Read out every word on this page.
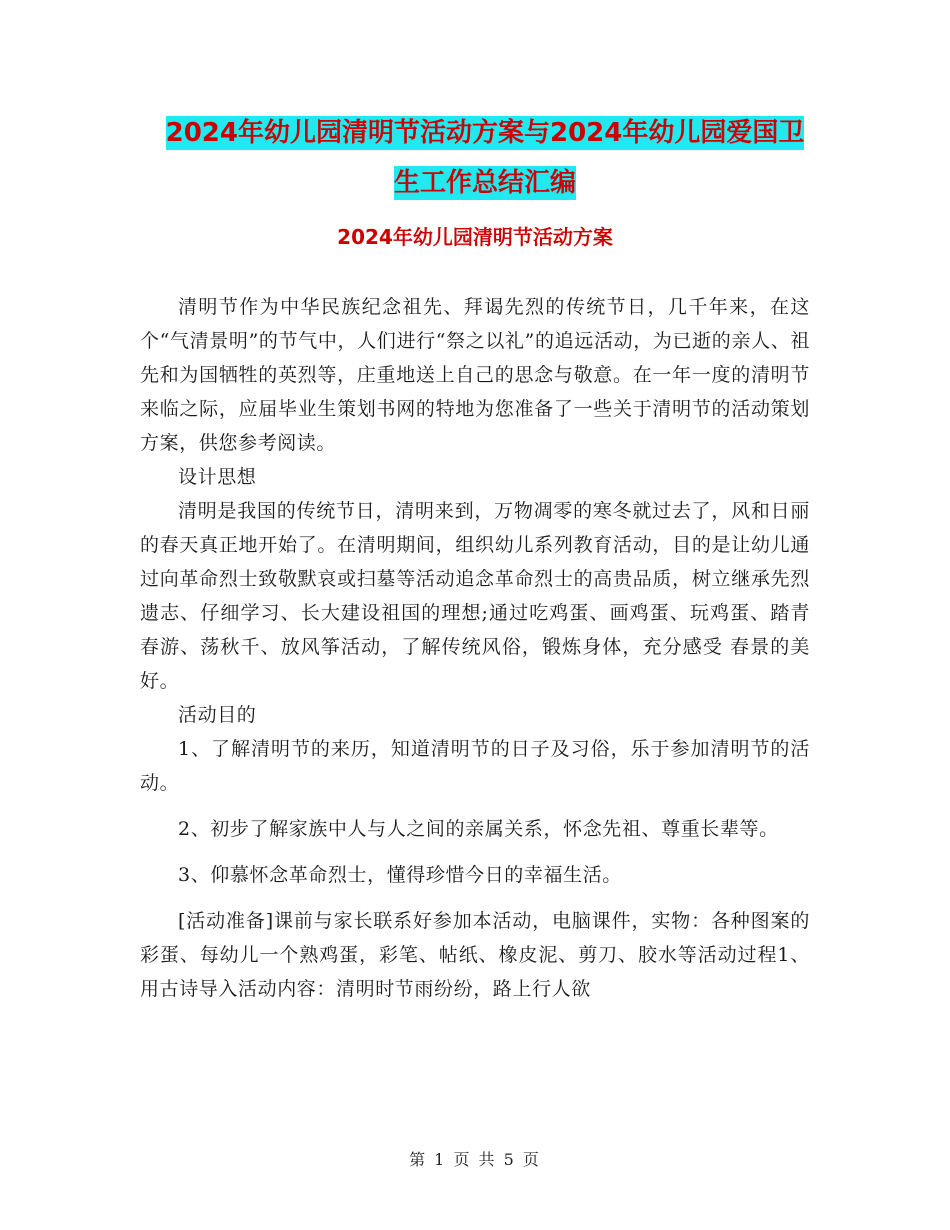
2024年幼儿园清明节活动方案与2024年幼儿园爱国卫
生工作总结汇编
2024年幼儿园清明节活动方案

清明节作为中华民族纪念祖先、拜谒先烈的传统节日，几千年来，在这个“气清景明”的节气中，人们进行“祭之以礼”的追远活动，为已逝的亲人、祖先和为国牺牲的英烈等，庄重地送上自己的思念与敬意。在一年一度的清明节来临之际，应届毕业生策划书网的特地为您准备了一些关于清明节的活动策划方案，供您参考阅读。

设计思想

清明是我国的传统节日，清明来到，万物凋零的寒冬就过去了，风和日丽的春天真正地开始了。在清明期间，组织幼儿系列教育活动，目的是让幼儿通过向革命烈士致敬默哀或扫墓等活动追念革命烈士的高贵品质，树立继承先烈遗志、仔细学习、长大建设祖国的理想;通过吃鸡蛋、画鸡蛋、玩鸡蛋、踏青春游、荡秋千、放风筝活动，了解传统风俗，锻炼身体，充分感受 春景的美好。

活动目的

1、了解清明节的来历，知道清明节的日子及习俗，乐于参加清明节的活动。

2、初步了解家族中人与人之间的亲属关系，怀念先祖、尊重长辈等。

3、仰慕怀念革命烈士，懂得珍惜今日的幸福生活。

[活动准备]课前与家长联系好参加本活动，电脑课件，实物：各种图案的彩蛋、每幼儿一个熟鸡蛋，彩笔、帖纸、橡皮泥、剪刀、胶水等活动过程1、用古诗导入活动内容：清明时节雨纷纷，路上行人欲

第 1 页 共 5 页
